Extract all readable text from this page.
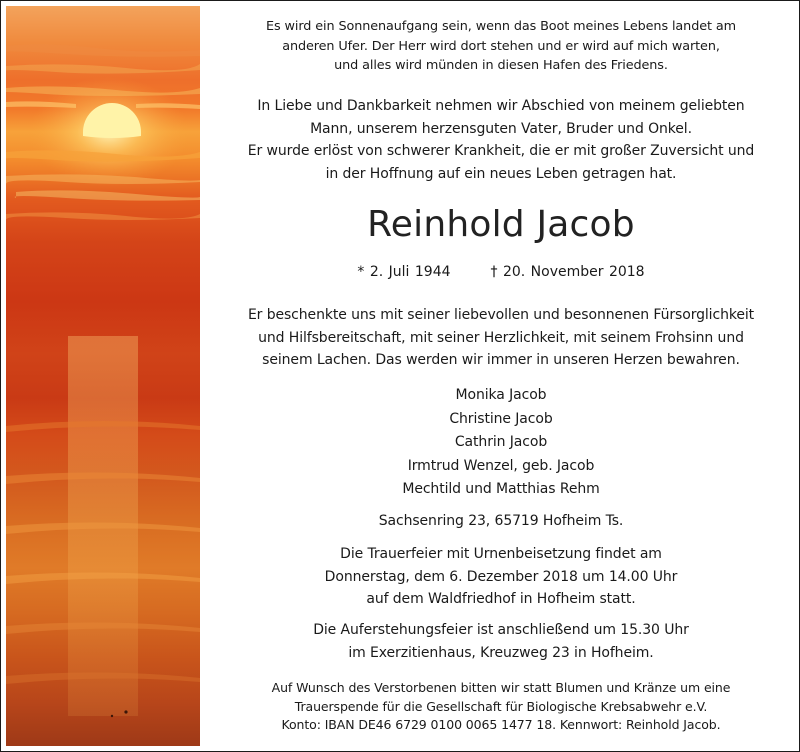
Es wird ein Sonnenaufgang sein, wenn das Boot meines Lebens landet am
anderen Ufer. Der Herr wird dort stehen und er wird auf mich warten,
und alles wird münden in diesen Hafen des Friedens.
In Liebe und Dankbarkeit nehmen wir Abschied von meinem geliebten
Mann, unserem herzensguten Vater, Bruder und Onkel.
Er wurde erlöst von schwerer Krankheit, die er mit großer Zuversicht und
in der Hoffnung auf ein neues Leben getragen hat.
Reinhold Jacob
* 2. Juli 1944	† 20. November 2018
Er beschenkte uns mit seiner liebevollen und besonnenen Fürsorglichkeit
und Hilfsbereitschaft, mit seiner Herzlichkeit, mit seinem Frohsinn und
seinem Lachen. Das werden wir immer in unseren Herzen bewahren.
Monika Jacob
Christine Jacob
Cathrin Jacob
Irmtrud Wenzel, geb. Jacob
Mechtild und Matthias Rehm
Sachsenring 23, 65719 Hofheim Ts.
Die Trauerfeier mit Urnenbeisetzung findet am
Donnerstag, dem 6. Dezember 2018 um 14.00 Uhr
auf dem Waldfriedhof in Hofheim statt.
Die Auferstehungsfeier ist anschließend um 15.30 Uhr
im Exerzitienhaus, Kreuzweg 23 in Hofheim.
Auf Wunsch des Verstorbenen bitten wir statt Blumen und Kränze um eine
Trauerspende für die Gesellschaft für Biologische Krebsabwehr e.V.
Konto: IBAN DE46 6729 0100 0065 1477 18. Kennwort: Reinhold Jacob.
